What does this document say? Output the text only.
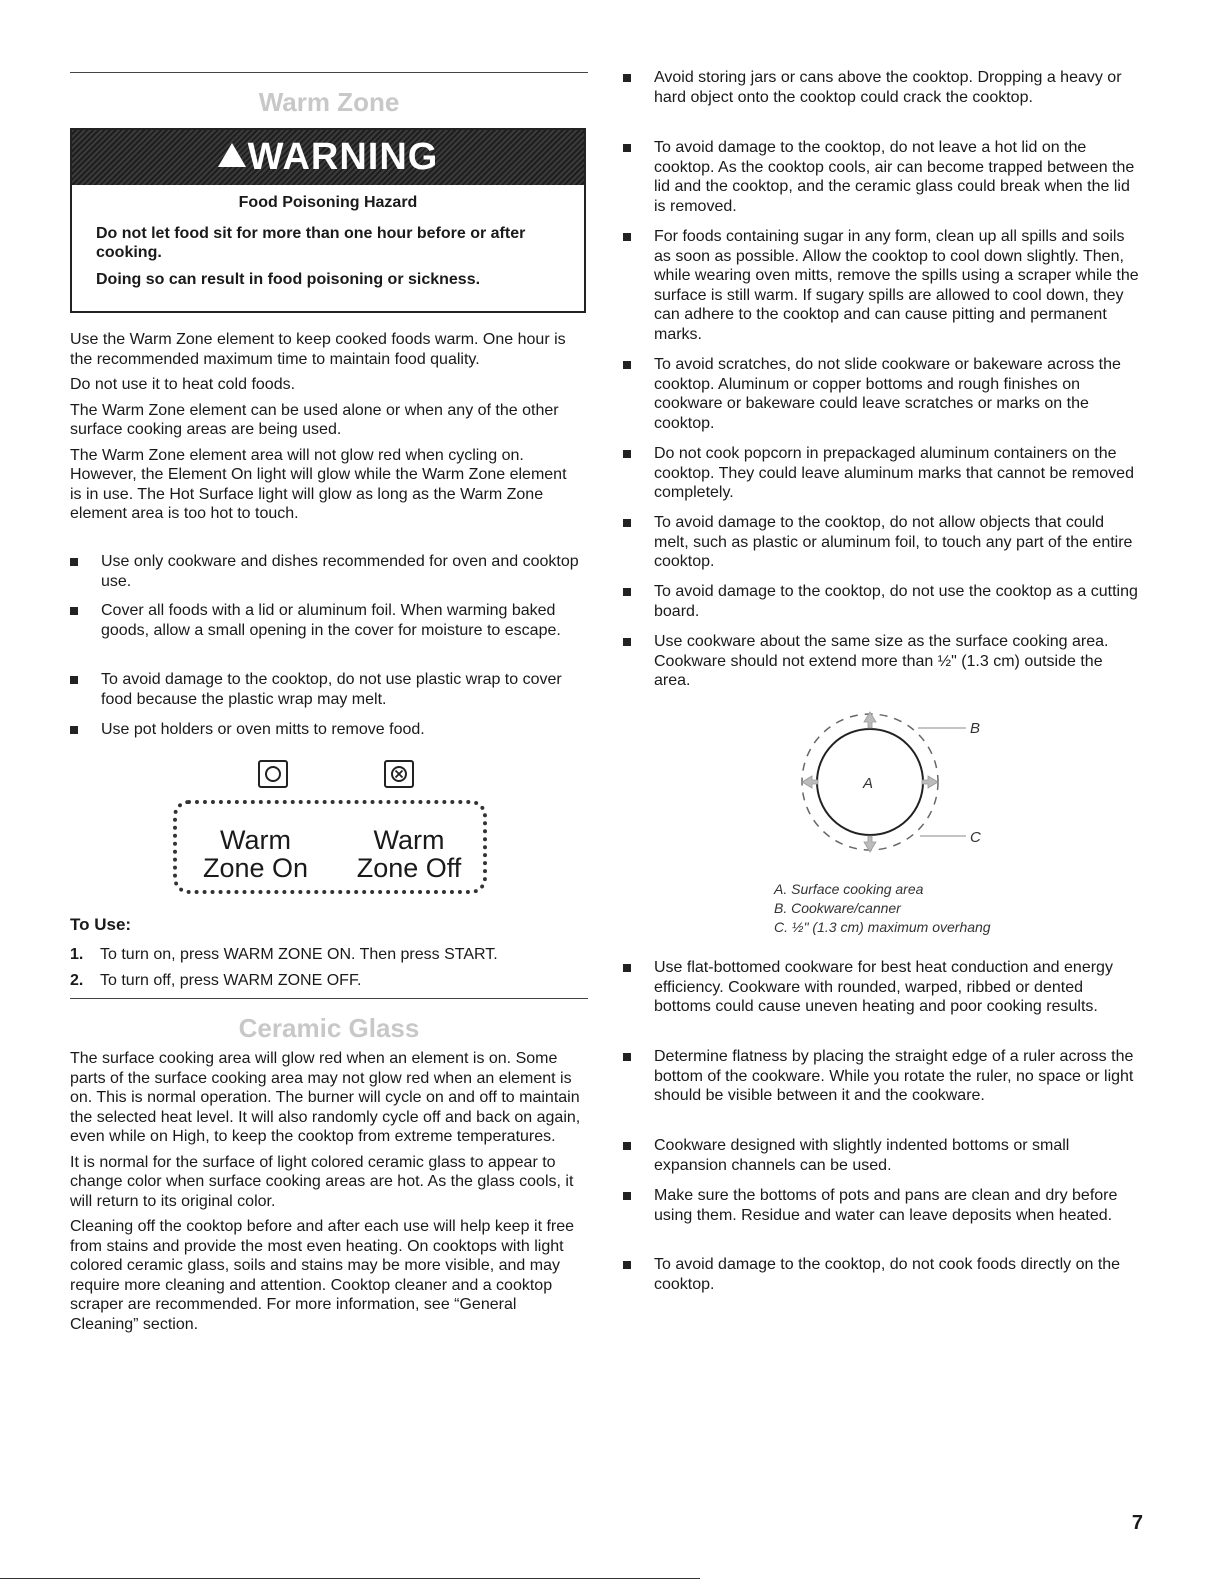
Warm Zone
WARNING

Food Poisoning Hazard

Do not let food sit for more than one hour before or after cooking.

Doing so can result in food poisoning or sickness.

Use the Warm Zone element to keep cooked foods warm. One hour is the recommended maximum time to maintain food quality.

Do not use it to heat cold foods.

The Warm Zone element can be used alone or when any of the other surface cooking areas are being used.

The Warm Zone element area will not glow red when cycling on. However, the Element On light will glow while the Warm Zone element is in use. The Hot Surface light will glow as long as the Warm Zone element area is too hot to touch.

Use only cookware and dishes recommended for oven and cooktop use.
Cover all foods with a lid or aluminum foil. When warming baked goods, allow a small opening in the cover for moisture to escape.
To avoid damage to the cooktop, do not use plastic wrap to cover food because the plastic wrap may melt.
Use pot holders or oven mitts to remove food.
Warm
Zone On
Warm
Zone Off
To Use:
1.	To turn on, press WARM ZONE ON. Then press START.
2.	To turn off, press WARM ZONE OFF.
Ceramic Glass

The surface cooking area will glow red when an element is on. Some parts of the surface cooking area may not glow red when an element is on. This is normal operation. The burner will cycle on and off to maintain the selected heat level. It will also randomly cycle off and back on again, even while on High, to keep the cooktop from extreme temperatures.

It is normal for the surface of light colored ceramic glass to appear to change color when surface cooking areas are hot. As the glass cools, it will return to its original color.

Cleaning off the cooktop before and after each use will help keep it free from stains and provide the most even heating. On cooktops with light colored ceramic glass, soils and stains may be more visible, and may require more cleaning and attention. Cooktop cleaner and a cooktop scraper are recommended. For more information, see “General Cleaning” section.

Avoid storing jars or cans above the cooktop. Dropping a heavy or hard object onto the cooktop could crack the cooktop.
To avoid damage to the cooktop, do not leave a hot lid on the cooktop. As the cooktop cools, air can become trapped between the lid and the cooktop, and the ceramic glass could break when the lid is removed.
For foods containing sugar in any form, clean up all spills and soils as soon as possible. Allow the cooktop to cool down slightly. Then, while wearing oven mitts, remove the spills using a scraper while the surface is still warm. If sugary spills are allowed to cool down, they can adhere to the cooktop and can cause pitting and permanent marks.
To avoid scratches, do not slide cookware or bakeware across the cooktop. Aluminum or copper bottoms and rough finishes on cookware or bakeware could leave scratches or marks on the cooktop.
Do not cook popcorn in prepackaged aluminum containers on the cooktop. They could leave aluminum marks that cannot be removed completely.
To avoid damage to the cooktop, do not allow objects that could melt, such as plastic or aluminum foil, to touch any part of the entire cooktop.
To avoid damage to the cooktop, do not use the cooktop as a cutting board.
Use cookware about the same size as the surface cooking area. Cookware should not extend more than ½" (1.3 cm) outside the area.
A
B
C
A. Surface cooking area
B. Cookware/canner
C. ½" (1.3 cm) maximum overhang
Use flat-bottomed cookware for best heat conduction and energy efficiency. Cookware with rounded, warped, ribbed or dented bottoms could cause uneven heating and poor cooking results.
Determine flatness by placing the straight edge of a ruler across the bottom of the cookware. While you rotate the ruler, no space or light should be visible between it and the cookware.
Cookware designed with slightly indented bottoms or small expansion channels can be used.
Make sure the bottoms of pots and pans are clean and dry before using them. Residue and water can leave deposits when heated.
To avoid damage to the cooktop, do not cook foods directly on the cooktop.
7
